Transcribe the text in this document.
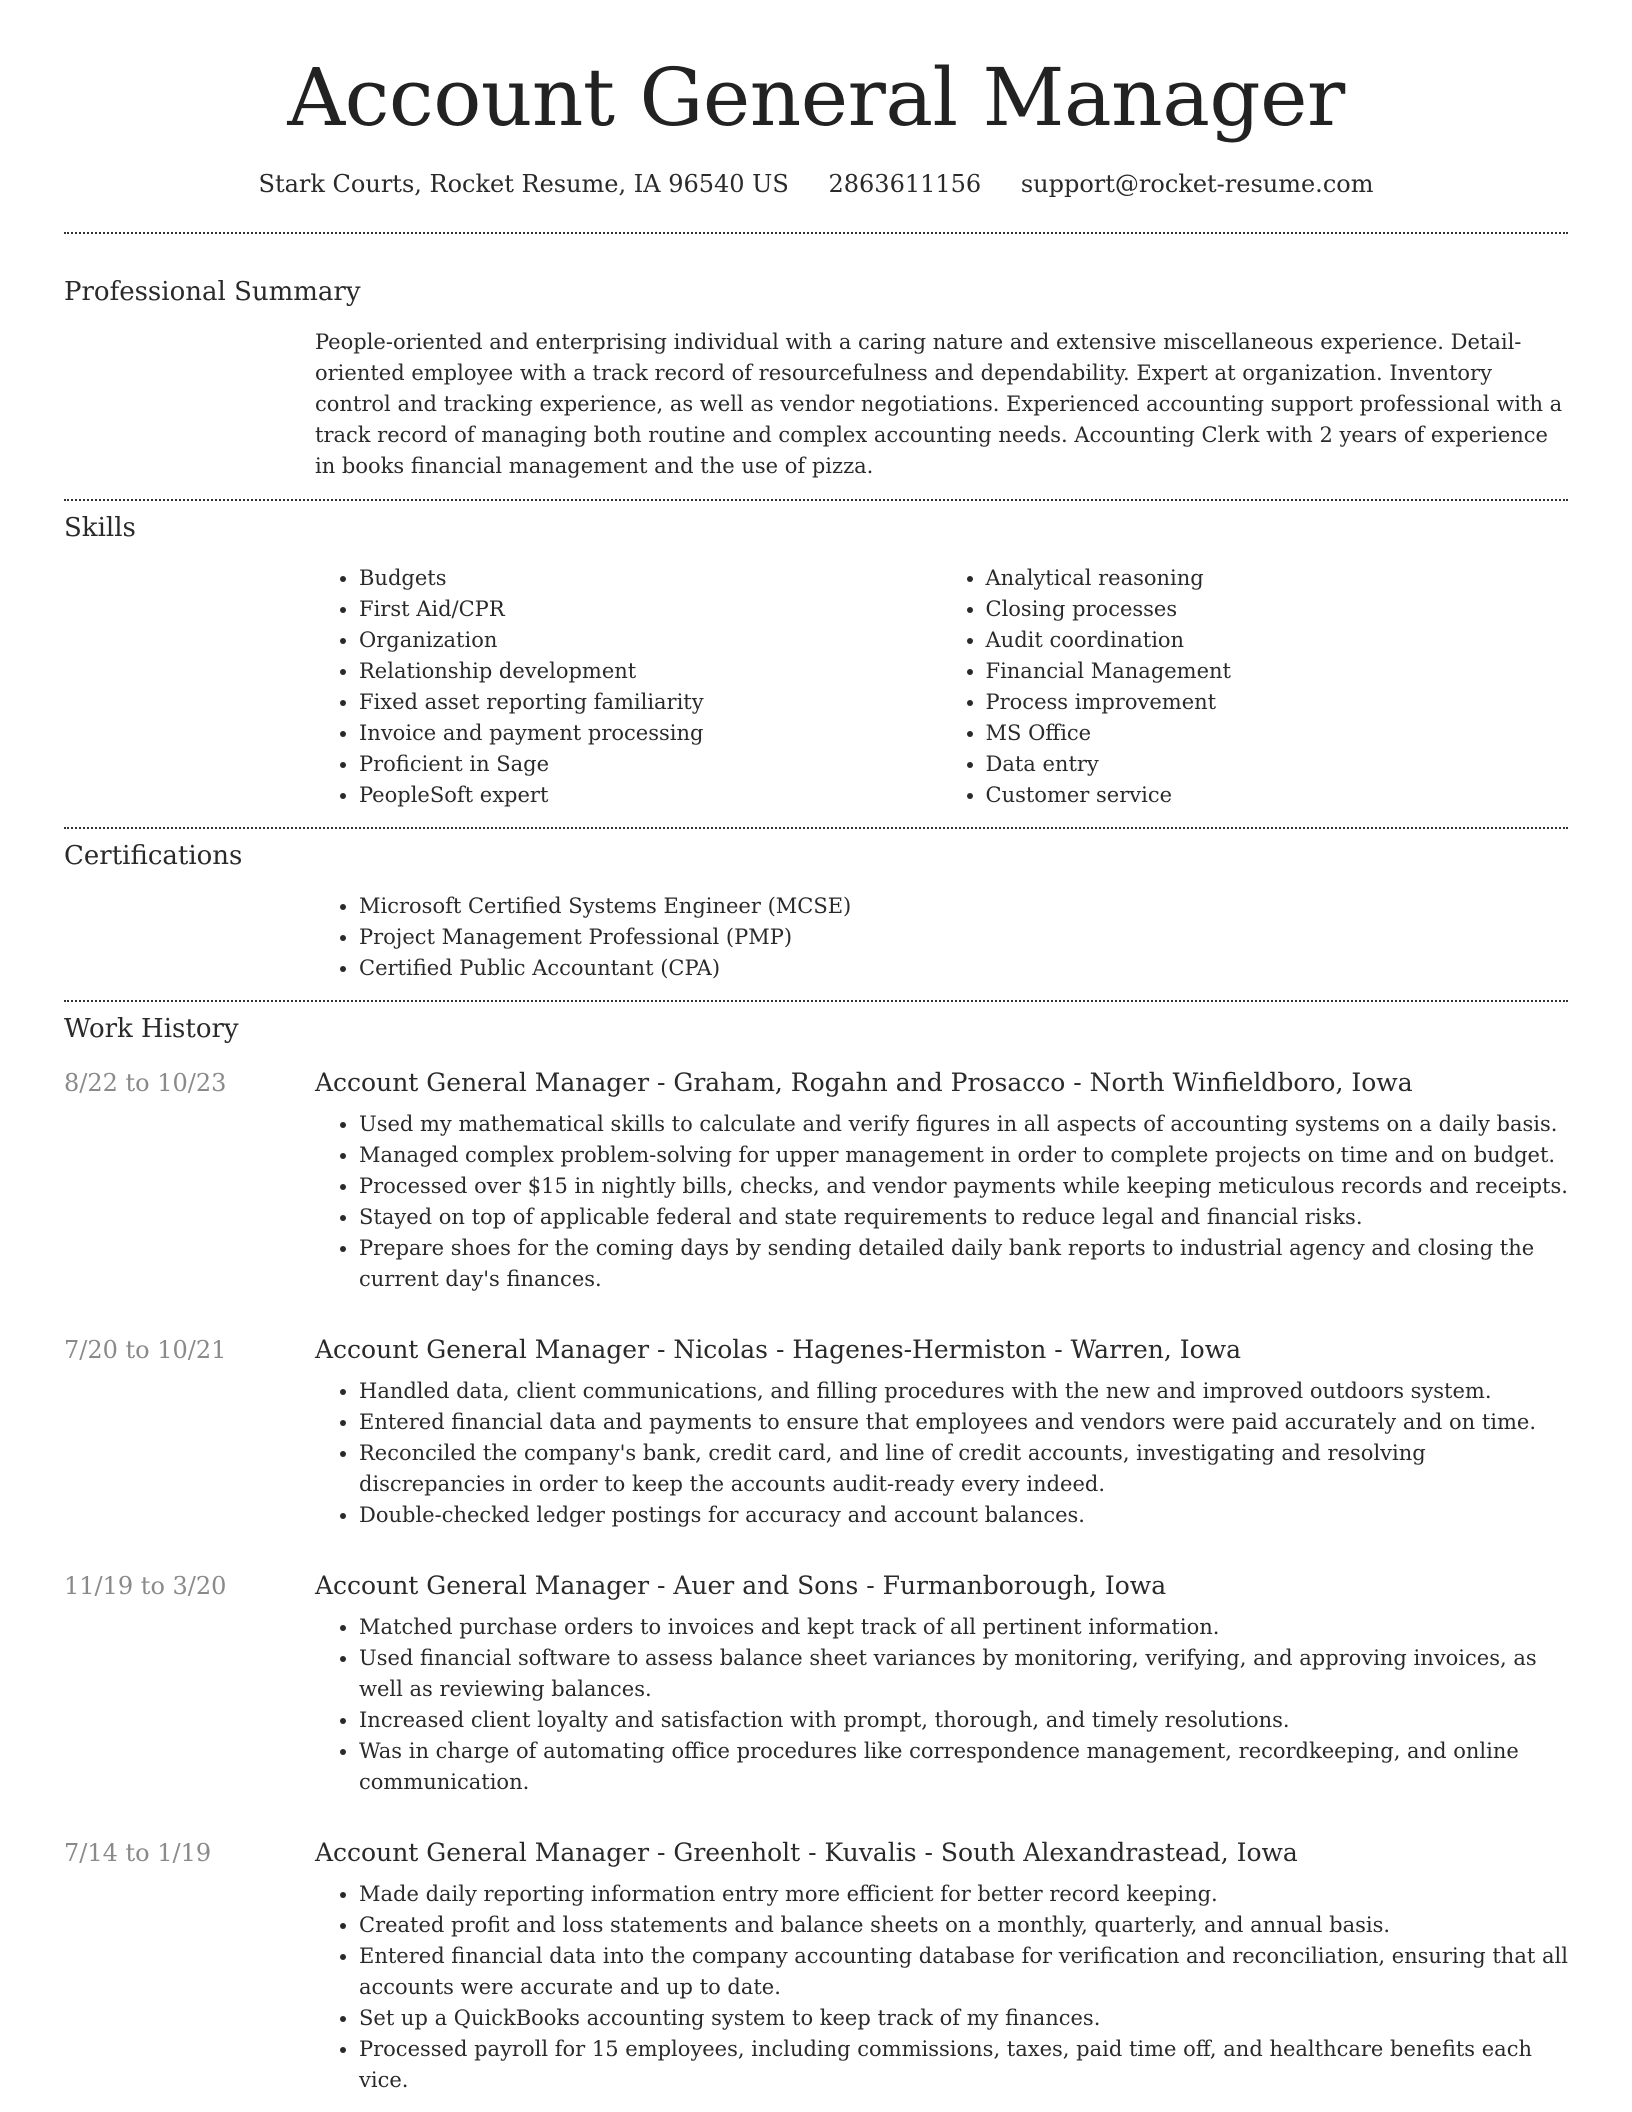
Account General Manager
Stark Courts, Rocket Resume, IA 96540 US 2863611156 support@rocket-resume.com
Professional Summary
People-oriented and enterprising individual with a caring nature and extensive miscellaneous experience. Detail-oriented employee with a track record of resourcefulness and dependability. Expert at organization. Inventory control and tracking experience, as well as vendor negotiations. Experienced accounting support professional with a track record of managing both routine and complex accounting needs. Accounting Clerk with 2 years of experience in books financial management and the use of pizza.
Skills
• Budgets
• First Aid/CPR
• Organization
• Relationship development
• Fixed asset reporting familiarity
• Invoice and payment processing
• Proficient in Sage
• PeopleSoft expert
• Analytical reasoning
• Closing processes
• Audit coordination
• Financial Management
• Process improvement
• MS Office
• Data entry
• Customer service
Certifications
• Microsoft Certified Systems Engineer (MCSE)
• Project Management Professional (PMP)
• Certified Public Accountant (CPA)
Work History
8/22 to 10/23	Account General Manager - Graham, Rogahn and Prosacco - North Winfieldboro, Iowa
• Used my mathematical skills to calculate and verify figures in all aspects of accounting systems on a daily basis.
• Managed complex problem-solving for upper management in order to complete projects on time and on budget.
• Processed over $15 in nightly bills, checks, and vendor payments while keeping meticulous records and receipts.
• Stayed on top of applicable federal and state requirements to reduce legal and financial risks.
• Prepare shoes for the coming days by sending detailed daily bank reports to industrial agency and closing the current day's finances.
7/20 to 10/21	Account General Manager - Nicolas - Hagenes-Hermiston - Warren, Iowa
• Handled data, client communications, and filling procedures with the new and improved outdoors system.
• Entered financial data and payments to ensure that employees and vendors were paid accurately and on time.
• Reconciled the company's bank, credit card, and line of credit accounts, investigating and resolving discrepancies in order to keep the accounts audit-ready every indeed.
• Double-checked ledger postings for accuracy and account balances.
11/19 to 3/20	Account General Manager - Auer and Sons - Furmanborough, Iowa
• Matched purchase orders to invoices and kept track of all pertinent information.
• Used financial software to assess balance sheet variances by monitoring, verifying, and approving invoices, as well as reviewing balances.
• Increased client loyalty and satisfaction with prompt, thorough, and timely resolutions.
• Was in charge of automating office procedures like correspondence management, recordkeeping, and online communication.
7/14 to 1/19	Account General Manager - Greenholt - Kuvalis - South Alexandrastead, Iowa
• Made daily reporting information entry more efficient for better record keeping.
• Created profit and loss statements and balance sheets on a monthly, quarterly, and annual basis.
• Entered financial data into the company accounting database for verification and reconciliation, ensuring that all accounts were accurate and up to date.
• Set up a QuickBooks accounting system to keep track of my finances.
• Processed payroll for 15 employees, including commissions, taxes, paid time off, and healthcare benefits each vice.
